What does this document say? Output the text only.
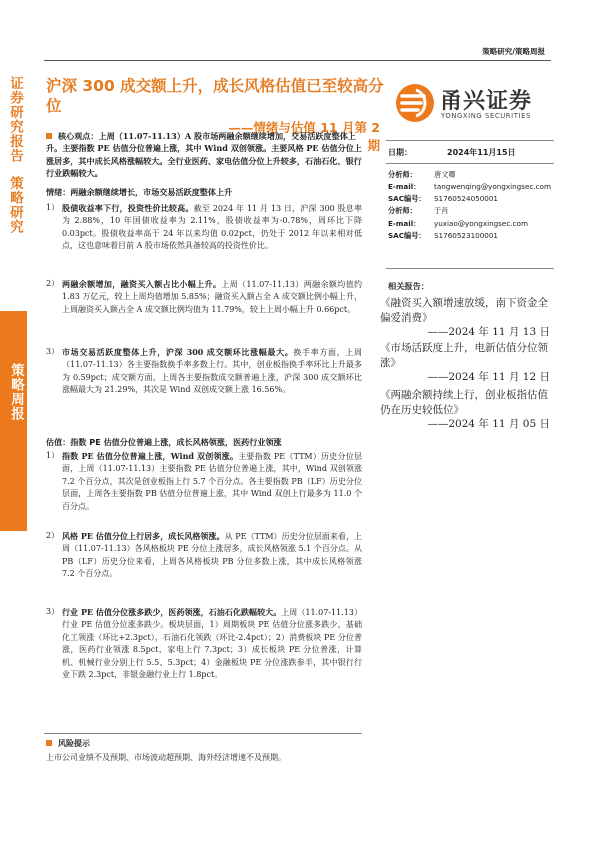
策略研究/策略周报
证券研究报告
策略研究
策略周报
沪深 300 成交额上升，成长风格估值已至较高分位
——情绪与估值 11 月第 2 期
甬兴证券
YONGXING SECURITIES
核心观点：上周（11.07-11.13）A 股市场两融余额继续增加，交易活跃度整体上升。主要指数 PE 估值分位普遍上涨，其中 Wind 双创领涨。主要风格 PE 估值分位上涨居多，其中成长风格涨幅较大。全行业医药、家电估值分位上升较多，石油石化、银行行业跌幅较大。
情绪：两融余额继续增长，市场交易活跃度整体上升
1） 股债收益率下行，投资性价比较高。截至 2024 年 11 月 13 日，沪深 300 股息率为 2.88%，10 年国债收益率为 2.11%，股债收益率为-0.78%，周环比下降 0.03pct。股债收益率高于 24 年以来均值 0.02pct，仍处于 2012 年以来相对低点，这也意味着目前 A 股市场依然具备较高的投资性价比。
2） 两融余额增加，融资买入额占比小幅上升。上周（11.07-11.13）两融余额均值约 1.83 万亿元，较上上周均值增加 5.85%；融资买入额占全 A 成交额比例小幅上升，上周融资买入额占全 A 成交额比例均值为 11.79%，较上上周小幅上升 0.66pct。
3） 市场交易活跃度整体上升，沪深 300 成交额环比涨幅最大。换手率方面，上周（11.07-11.13）各主要指数换手率多数上行。其中，创业板指换手率环比上升最多为 0.59pct；成交额方面，上周各主要指数成交额普遍上涨，沪深 300 成交额环比涨幅最大为 21.29%，其次是 Wind 双创成交额上涨 16.56%。
估值：指数 PE 估值分位普遍上涨，成长风格领涨，医药行业领涨
1） 指数 PE 估值分位普遍上涨，Wind 双创领涨。主要指数 PE（TTM）历史分位层面，上周（11.07-11.13）主要指数 PE 估值分位普遍上涨，其中，Wind 双创领涨 7.2 个百分点，其次是创业板指上行 5.7 个百分点。各主要指数 PB（LF）历史分位层面，上周各主要指数 PB 估值分位普遍上涨，其中 Wind 双创上行最多为 11.0 个百分点。
2） 风格 PE 估值分位上行居多，成长风格领涨。从 PE（TTM）历史分位层面来看，上周（11.07-11.13）各风格板块 PE 分位上涨居多，成长风格领涨 5.1 个百分点。从 PB（LF）历史分位来看，上周各风格板块 PB 分位多数上涨，其中成长风格领涨 7.2 个百分点。
3） 行业 PE 估值分位涨多跌少，医药领涨，石油石化跌幅较大。上周（11.07-11.13）行业 PE 估值分位涨多跌少。板块层面，1）周期板块 PE 估值分位涨多跌少，基础化工领涨（环比+2.3pct），石油石化领跌（环比-2.4pct）；2）消费板块 PE 分位普涨，医药行业领涨 8.5pct，家电上行 7.3pct；3）成长板块 PE 分位普涨，计算机、机械行业分别上行 5.5、5.3pct；4）金融板块 PE 分位涨跌参半，其中银行行业下跌 2.3pct，非银金融行业上行 1.8pct。
日期：	2024年11月15日
分析师： 唐文卿
E-mail： tangwenqing@yongxingsec.com
SAC编号： S1760524050001
分析师： 于肖
E-mail： yuxiao@yongxingsec.com
SAC编号： S1760523100001
相关报告：
《融资买入额增速放缓，南下资金全偏爱消费》
——2024 年 11 月 13 日
《市场活跃度上升，电新估值分位领涨》
——2024 年 11 月 12 日
《两融余额持续上行，创业板指估值仍在历史较低位》
——2024 年 11 月 05 日
风险提示
上市公司业绩不及预期、市场波动超预期、海外经济增速不及预期。
